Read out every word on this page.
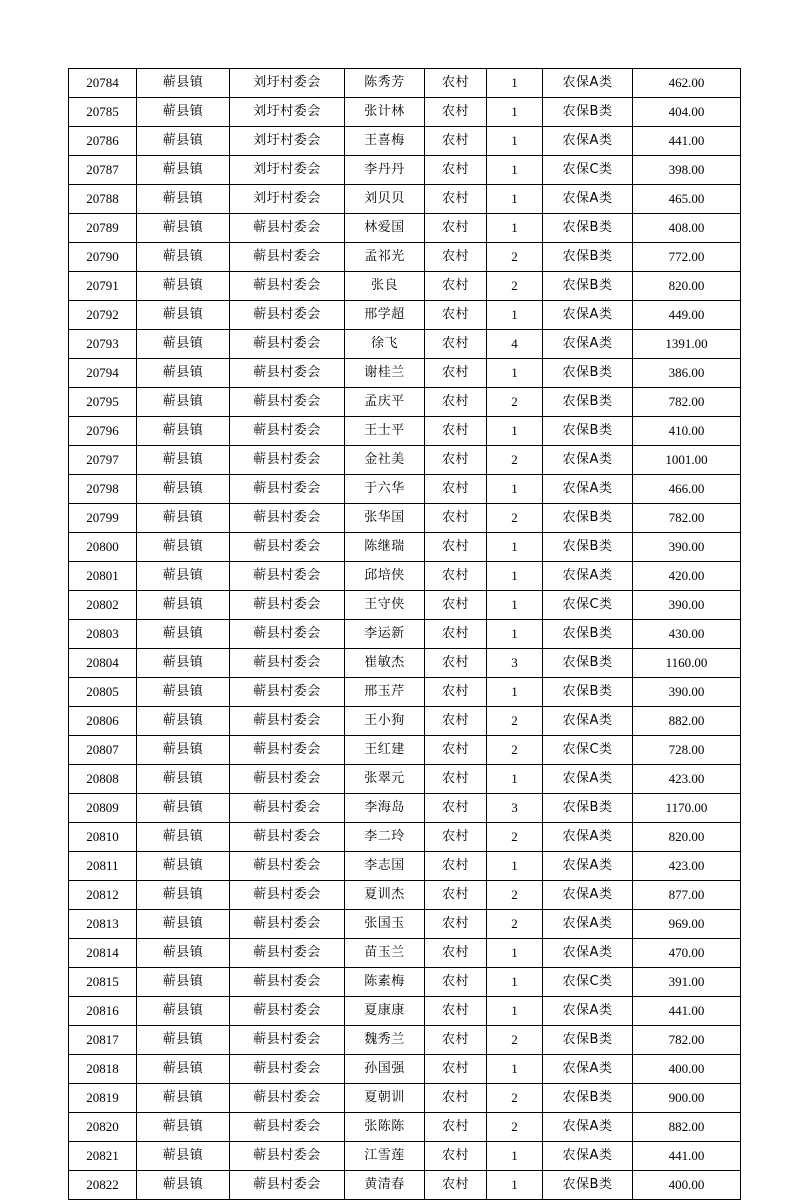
20784	蕲县镇	刘圩村委会	陈秀芳	农村	1	农保A类	462.00
20785	蕲县镇	刘圩村委会	张计林	农村	1	农保B类	404.00
20786	蕲县镇	刘圩村委会	王喜梅	农村	1	农保A类	441.00
20787	蕲县镇	刘圩村委会	李丹丹	农村	1	农保C类	398.00
20788	蕲县镇	刘圩村委会	刘贝贝	农村	1	农保A类	465.00
20789	蕲县镇	蕲县村委会	林爱国	农村	1	农保B类	408.00
20790	蕲县镇	蕲县村委会	孟祁光	农村	2	农保B类	772.00
20791	蕲县镇	蕲县村委会	张良	农村	2	农保B类	820.00
20792	蕲县镇	蕲县村委会	邢学超	农村	1	农保A类	449.00
20793	蕲县镇	蕲县村委会	徐飞	农村	4	农保A类	1391.00
20794	蕲县镇	蕲县村委会	谢桂兰	农村	1	农保B类	386.00
20795	蕲县镇	蕲县村委会	孟庆平	农村	2	农保B类	782.00
20796	蕲县镇	蕲县村委会	王士平	农村	1	农保B类	410.00
20797	蕲县镇	蕲县村委会	金社美	农村	2	农保A类	1001.00
20798	蕲县镇	蕲县村委会	于六华	农村	1	农保A类	466.00
20799	蕲县镇	蕲县村委会	张华国	农村	2	农保B类	782.00
20800	蕲县镇	蕲县村委会	陈继瑞	农村	1	农保B类	390.00
20801	蕲县镇	蕲县村委会	邱培侠	农村	1	农保A类	420.00
20802	蕲县镇	蕲县村委会	王守侠	农村	1	农保C类	390.00
20803	蕲县镇	蕲县村委会	李运新	农村	1	农保B类	430.00
20804	蕲县镇	蕲县村委会	崔敏杰	农村	3	农保B类	1160.00
20805	蕲县镇	蕲县村委会	邢玉芹	农村	1	农保B类	390.00
20806	蕲县镇	蕲县村委会	王小狗	农村	2	农保A类	882.00
20807	蕲县镇	蕲县村委会	王红建	农村	2	农保C类	728.00
20808	蕲县镇	蕲县村委会	张翠元	农村	1	农保A类	423.00
20809	蕲县镇	蕲县村委会	李海岛	农村	3	农保B类	1170.00
20810	蕲县镇	蕲县村委会	李二玲	农村	2	农保A类	820.00
20811	蕲县镇	蕲县村委会	李志国	农村	1	农保A类	423.00
20812	蕲县镇	蕲县村委会	夏训杰	农村	2	农保A类	877.00
20813	蕲县镇	蕲县村委会	张国玉	农村	2	农保A类	969.00
20814	蕲县镇	蕲县村委会	苗玉兰	农村	1	农保A类	470.00
20815	蕲县镇	蕲县村委会	陈素梅	农村	1	农保C类	391.00
20816	蕲县镇	蕲县村委会	夏康康	农村	1	农保A类	441.00
20817	蕲县镇	蕲县村委会	魏秀兰	农村	2	农保B类	782.00
20818	蕲县镇	蕲县村委会	孙国强	农村	1	农保A类	400.00
20819	蕲县镇	蕲县村委会	夏朝训	农村	2	农保B类	900.00
20820	蕲县镇	蕲县村委会	张陈陈	农村	2	农保A类	882.00
20821	蕲县镇	蕲县村委会	江雪莲	农村	1	农保A类	441.00
20822	蕲县镇	蕲县村委会	黄清春	农村	1	农保B类	400.00
